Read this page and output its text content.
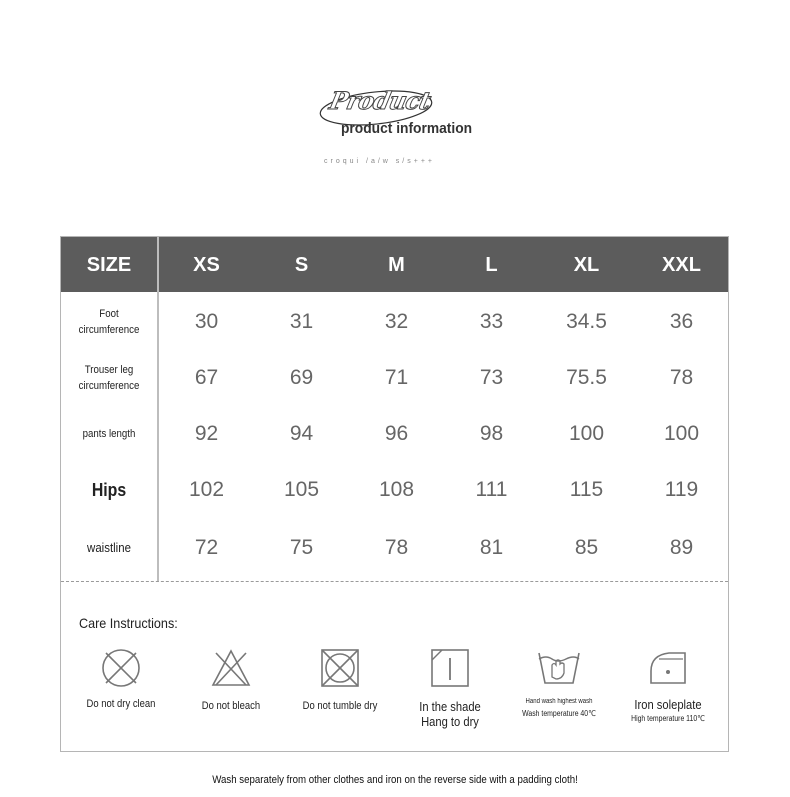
Product
product information
croqui /a/w s/s+++
SIZE	XS	S	M	L	XL	XXL
Foot
circumference	30	31	32	33	34.5	36
Trouser leg
circumference	67	69	71	73	75.5	78
pants length	92	94	96	98	100	100
Hips	102	105	108	111	115	119
waistline	72	75	78	81	85	89
Care Instructions:
Do not dry clean	Do not bleach	Do not tumble dry	In the shade
Hang to dry
Hand wash highest wash
Wash temperature 40℃
Iron soleplate
High temperature 110℃
Wash separately from other clothes and iron on the reverse side with a padding cloth!
